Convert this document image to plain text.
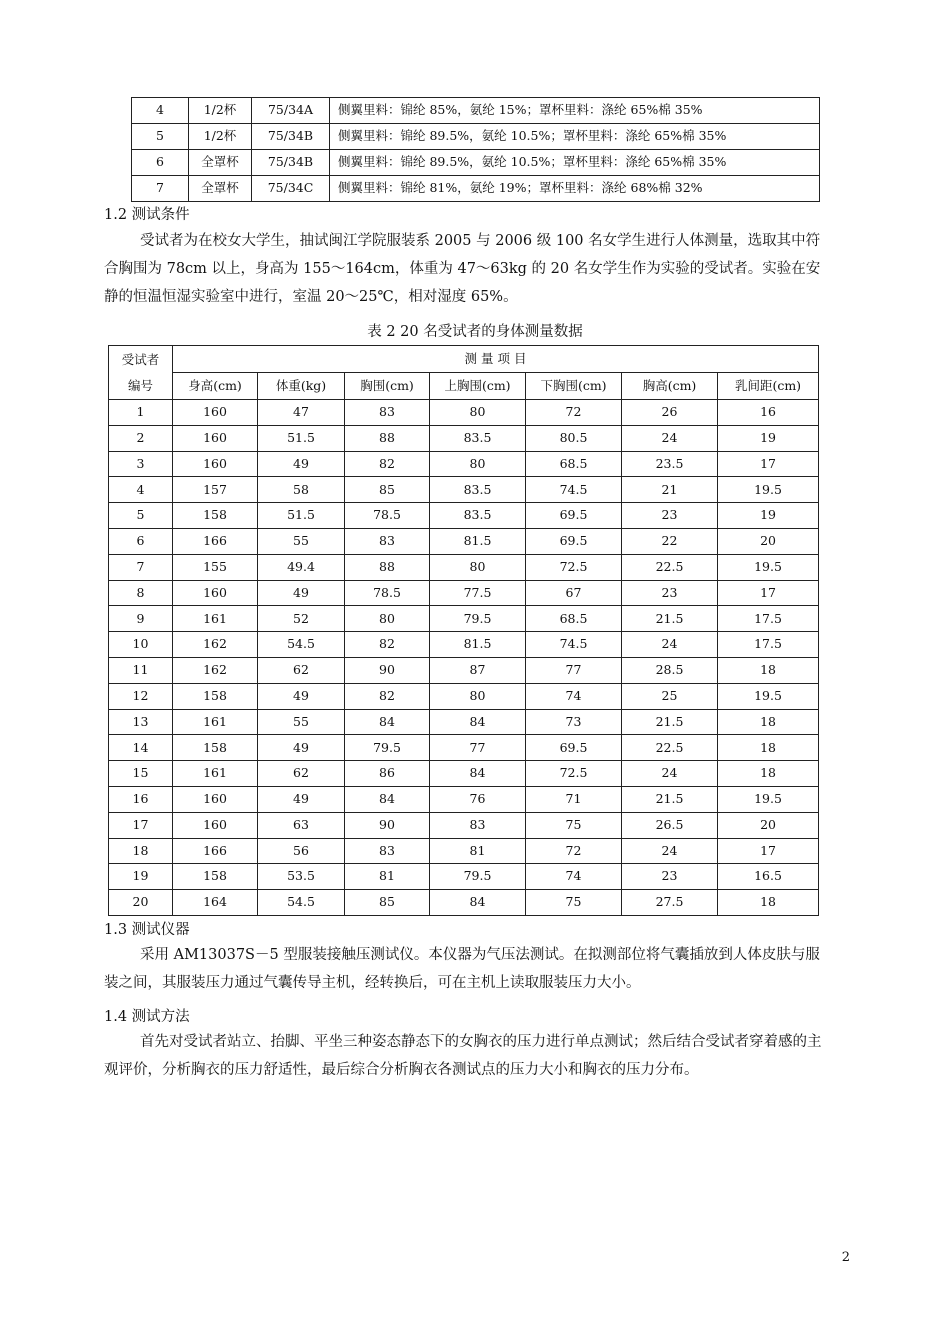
4	1/2杯	75/34A	侧翼里料：锦纶 85%，氨纶 15%；罩杯里料：涤纶 65%棉 35%
5	1/2杯	75/34B	侧翼里料：锦纶 89.5%，氨纶 10.5%；罩杯里料：涤纶 65%棉 35%
6	全罩杯	75/34B	侧翼里料：锦纶 89.5%，氨纶 10.5%；罩杯里料：涤纶 65%棉 35%
7	全罩杯	75/34C	侧翼里料：锦纶 81%，氨纶 19%；罩杯里料：涤纶 68%棉 32%
1.2 测试条件
受试者为在校女大学生，抽试闽江学院服装系 2005 与 2006 级 100 名女学生进行人体测量，选取其中符合胸围为 78cm 以上，身高为 155～164cm，体重为 47～63kg 的 20 名女学生作为实验的受试者。实验在安静的恒温恒湿实验室中进行，室温 20～25℃，相对湿度 65%。
表 2 20 名受试者的身体测量数据
受试者
编号	测 量 项 目						
	身高(cm)	体重(kg)	胸围(cm)	上胸围(cm)	下胸围(cm)	胸高(cm)	乳间距(cm)
1	160	47	83	80	72	26	16
2	160	51.5	88	83.5	80.5	24	19
3	160	49	82	80	68.5	23.5	17
4	157	58	85	83.5	74.5	21	19.5
5	158	51.5	78.5	83.5	69.5	23	19
6	166	55	83	81.5	69.5	22	20
7	155	49.4	88	80	72.5	22.5	19.5
8	160	49	78.5	77.5	67	23	17
9	161	52	80	79.5	68.5	21.5	17.5
10	162	54.5	82	81.5	74.5	24	17.5
11	162	62	90	87	77	28.5	18
12	158	49	82	80	74	25	19.5
13	161	55	84	84	73	21.5	18
14	158	49	79.5	77	69.5	22.5	18
15	161	62	86	84	72.5	24	18
16	160	49	84	76	71	21.5	19.5
17	160	63	90	83	75	26.5	20
18	166	56	83	81	72	24	17
19	158	53.5	81	79.5	74	23	16.5
20	164	54.5	85	84	75	27.5	18
1.3 测试仪器
采用 AM13037S－5 型服装接触压测试仪。本仪器为气压法测试。在拟测部位将气囊插放到人体皮肤与服装之间，其服装压力通过气囊传导主机，经转换后，可在主机上读取服装压力大小。
1.4 测试方法
首先对受试者站立、抬脚、平坐三种姿态静态下的女胸衣的压力进行单点测试；然后结合受试者穿着感的主观评价，分析胸衣的压力舒适性，最后综合分析胸衣各测试点的压力大小和胸衣的压力分布。
2
